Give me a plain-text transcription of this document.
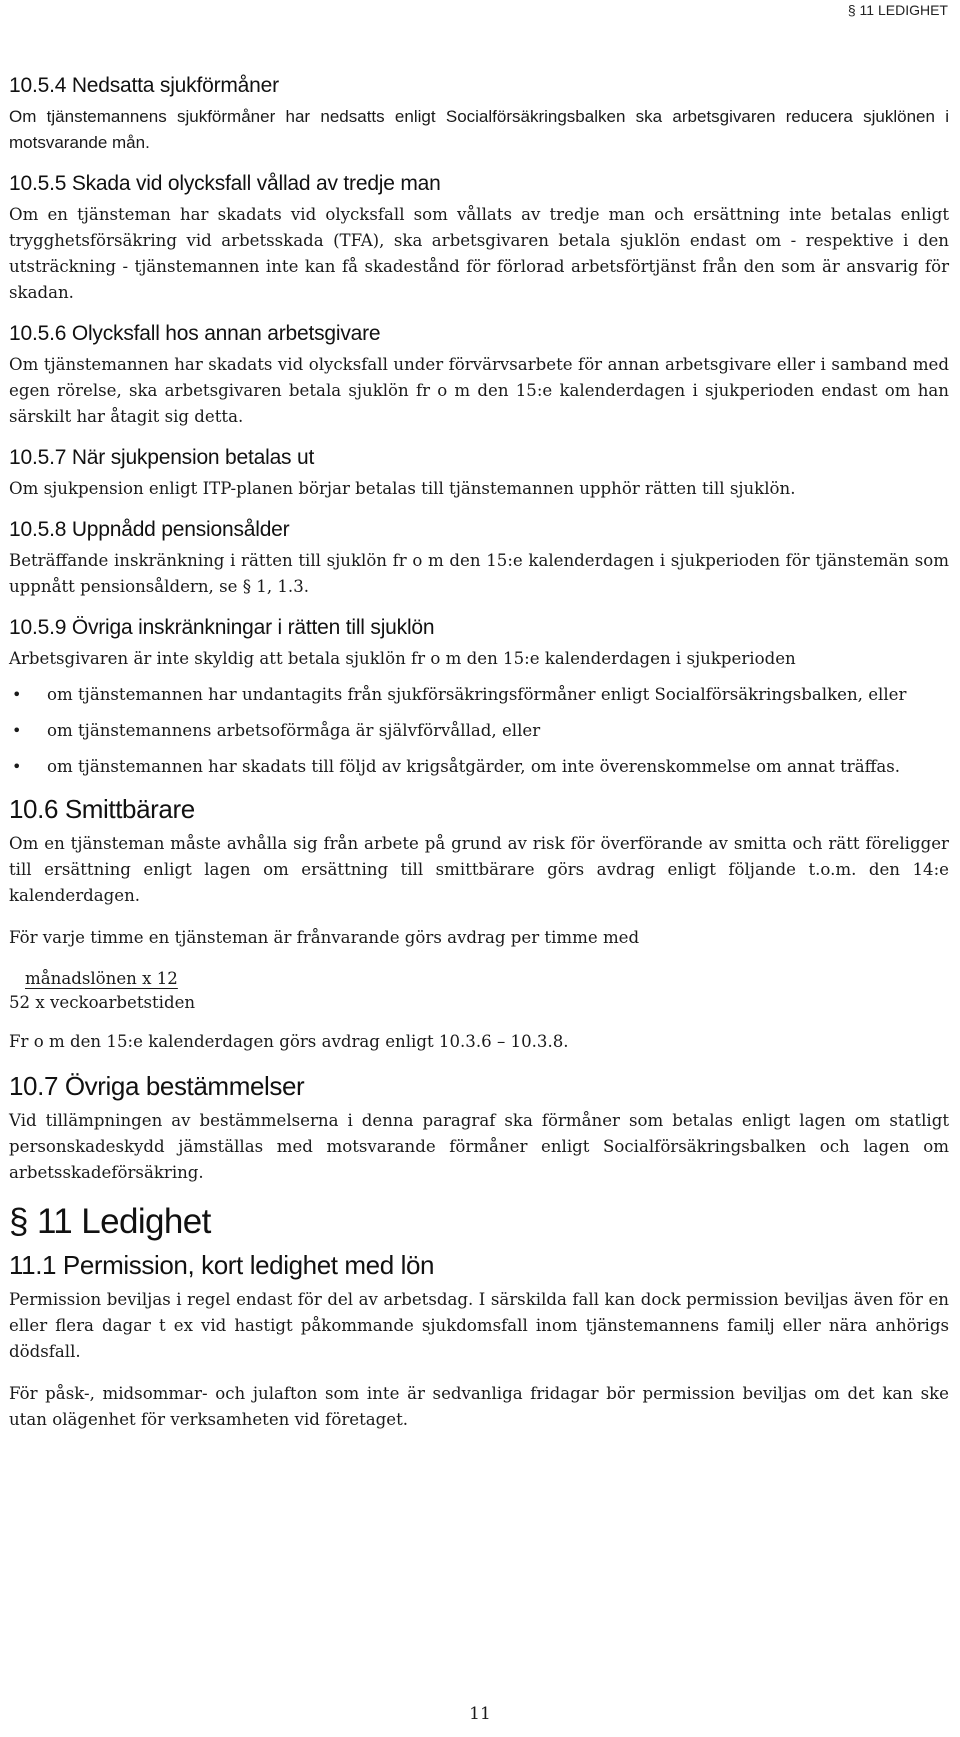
§ 11 LEDIGHET
10.5.4 Nedsatta sjukförmåner

Om tjänstemannens sjukförmåner har nedsatts enligt Socialförsäkringsbalken ska arbetsgivaren reducera sjuklönen i motsvarande mån.

10.5.5 Skada vid olycksfall vållad av tredje man

Om en tjänsteman har skadats vid olycksfall som vållats av tredje man och ersättning inte betalas enligt trygghetsförsäkring vid arbetsskada (TFA), ska arbetsgivaren betala sjuklön endast om - respektive i den utsträckning - tjänstemannen inte kan få skadestånd för förlorad arbetsförtjänst från den som är ansvarig för skadan.

10.5.6 Olycksfall hos annan arbetsgivare

Om tjänstemannen har skadats vid olycksfall under förvärvsarbete för annan arbetsgivare eller i samband med egen rörelse, ska arbetsgivaren betala sjuklön fr o m den 15:e kalenderdagen i sjukperioden endast om han särskilt har åtagit sig detta.

10.5.7 När sjukpension betalas ut

Om sjukpension enligt ITP-planen börjar betalas till tjänstemannen upphör rätten till sjuklön.

10.5.8 Uppnådd pensionsålder

Beträffande inskränkning i rätten till sjuklön fr o m den 15:e kalenderdagen i sjukperioden för tjänstemän som uppnått pensionsåldern, se § 1, 1.3.

10.5.9 Övriga inskränkningar i rätten till sjuklön

Arbetsgivaren är inte skyldig att betala sjuklön fr o m den 15:e kalenderdagen i sjukperioden

• om tjänstemannen har undantagits från sjukförsäkringsförmåner enligt Socialförsäkringsbalken, eller
• om tjänstemannens arbetsoförmåga är självförvållad, eller
• om tjänstemannen har skadats till följd av krigsåtgärder, om inte överenskommelse om annat träffas.
10.6 Smittbärare

Om en tjänsteman måste avhålla sig från arbete på grund av risk för överförande av smitta och rätt föreligger till ersättning enligt lagen om ersättning till smittbärare görs avdrag enligt följande t.o.m. den 14:e kalenderdagen.

För varje timme en tjänsteman är frånvarande görs avdrag per timme med

månadslönen x 12
52 x veckoarbetstiden

Fr o m den 15:e kalenderdagen görs avdrag enligt 10.3.6 – 10.3.8.

10.7 Övriga bestämmelser

Vid tillämpningen av bestämmelserna i denna paragraf ska förmåner som betalas enligt lagen om statligt personskadeskydd jämställas med motsvarande förmåner enligt Socialförsäkringsbalken och lagen om arbetsskadeförsäkring.

§ 11 Ledighet
11.1 Permission, kort ledighet med lön

Permission beviljas i regel endast för del av arbetsdag. I särskilda fall kan dock permission beviljas även för en eller flera dagar t ex vid hastigt påkommande sjukdomsfall inom tjänstemannens familj eller nära anhörigs dödsfall.

För påsk-, midsommar- och julafton som inte är sedvanliga fridagar bör permission beviljas om det kan ske utan olägenhet för verksamheten vid företaget.

11
